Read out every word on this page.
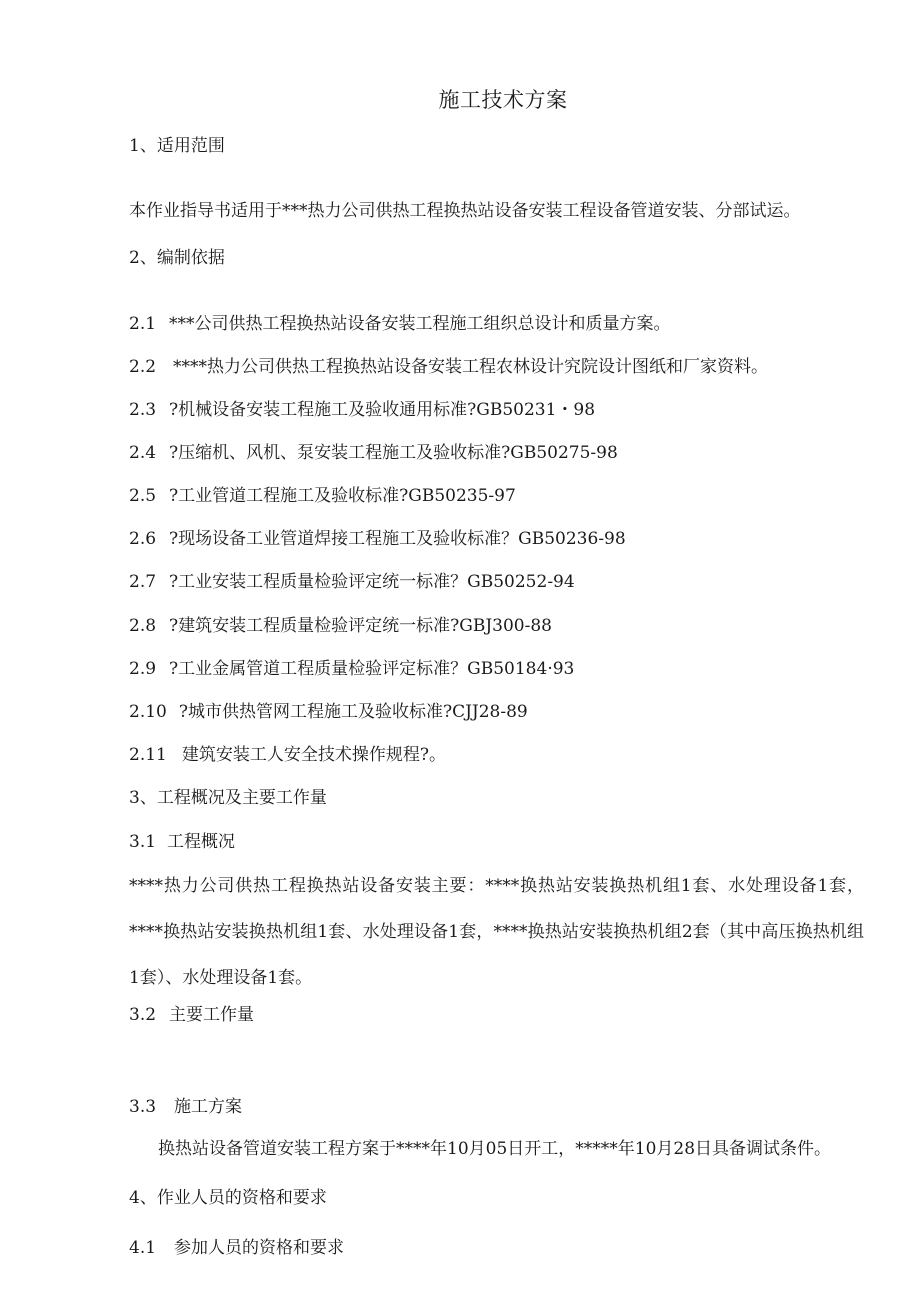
施工技术方案
1、适用范围
本作业指导书适用于***热力公司供热工程换热站设备安装工程设备管道安装、分部试运。
2、编制依据
2.1 ***公司供热工程换热站设备安装工程施工组织总设计和质量方案。
2.2 ****热力公司供热工程换热站设备安装工程农林设计究院设计图纸和厂家资料。
2.3 ?机械设备安装工程施工及验收通用标准?GB50231・98
2.4 ?压缩机、风机、泵安装工程施工及验收标准?GB50275-98
2.5 ?工业管道工程施工及验收标准?GB50235-97
2.6 ?现场设备工业管道焊接工程施工及验收标准？GB50236-98
2.7 ?工业安装工程质量检验评定统一标准？GB50252-94
2.8 ?建筑安装工程质量检验评定统一标准?GBJ300-88
2.9 ?工业金属管道工程质量检验评定标准？GB50184·93
2.10 ?城市供热管网工程施工及验收标准?CJJ28-89
2.11 建筑安装工人安全技术操作规程?。
3、工程概况及主要工作量
3.1 工程概况
****热力公司供热工程换热站设备安装主要：****换热站安装换热机组1套、水处理设备1套，****换热站安装换热机组1套、水处理设备1套，****换热站安装换热机组2套（其中高压换热机组1套）、水处理设备1套。
3.2 主要工作量
3.3 施工方案
换热站设备管道安装工程方案于****年10月05日开工，*****年10月28日具备调试条件。
4、作业人员的资格和要求
4.1 参加人员的资格和要求
